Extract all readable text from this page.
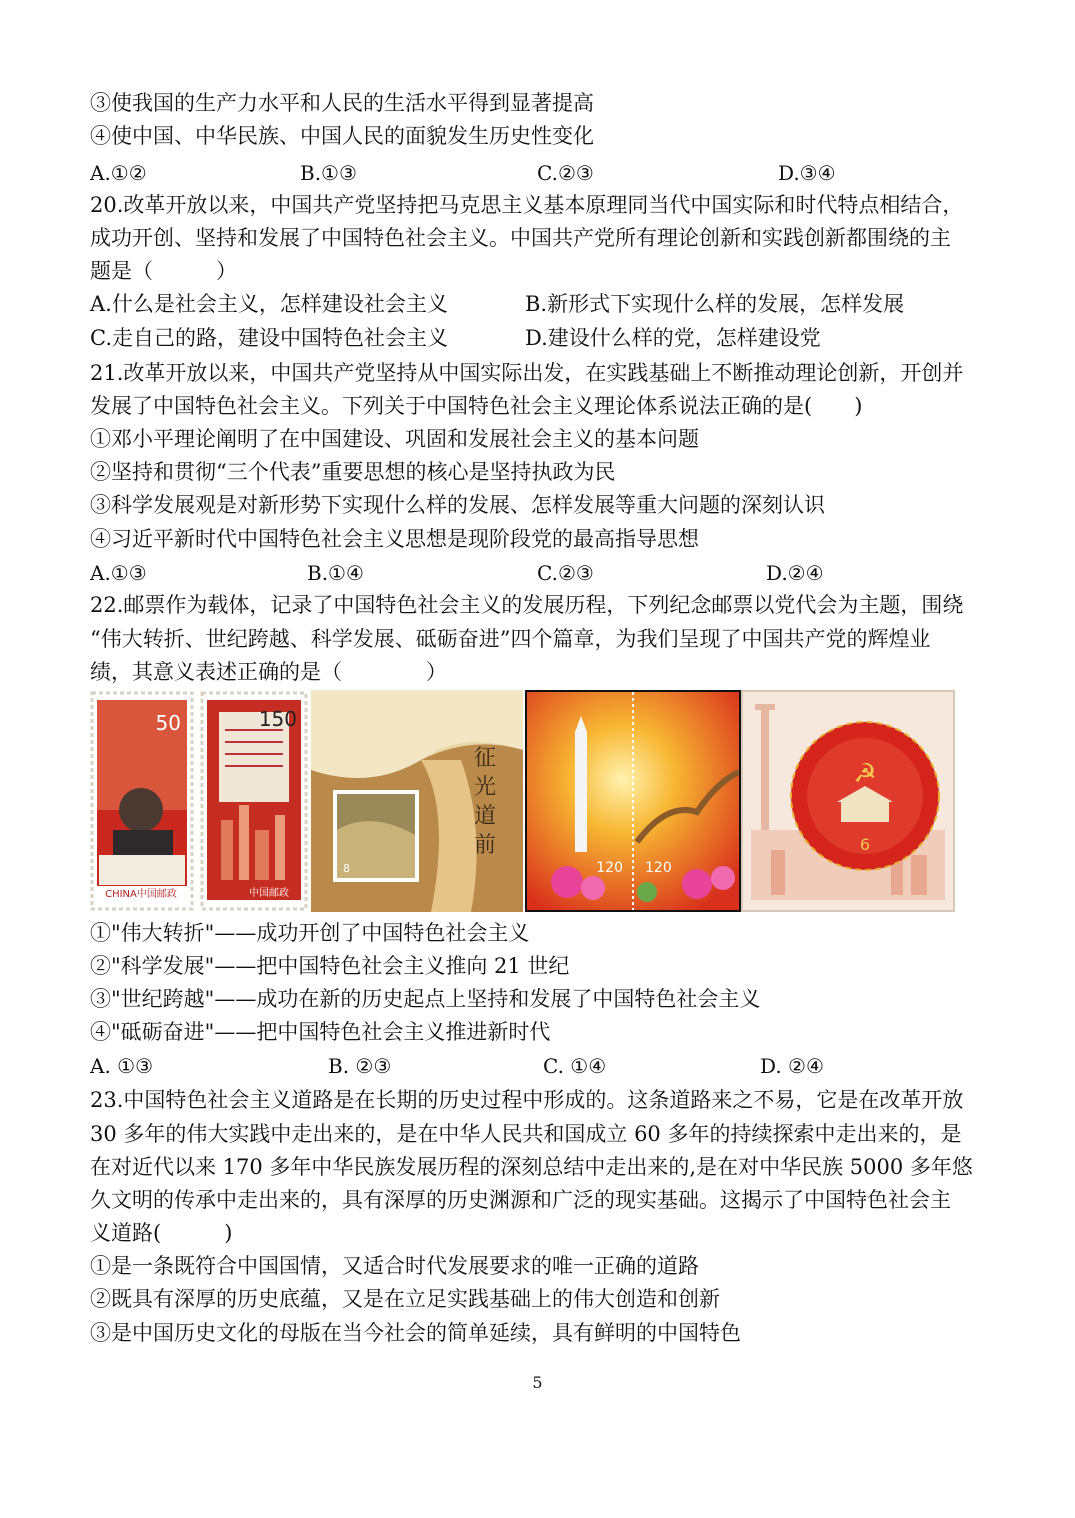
③使我国的生产力水平和人民的生活水平得到显著提高
④使中国、中华民族、中国人民的面貌发生历史性变化
A.①②	B.①③	C.②③	D.③④
20.改革开放以来，中国共产党坚持把马克思主义基本原理同当代中国实际和时代特点相结合，
成功开创、坚持和发展了中国特色社会主义。中国共产党所有理论创新和实践创新都围绕的主
题是（　　　）
A.什么是社会主义，怎样建设社会主义	B.新形式下实现什么样的发展，怎样发展
C.走自己的路，建设中国特色社会主义	D.建设什么样的党，怎样建设党
21.改革开放以来，中国共产党坚持从中国实际出发，在实践基础上不断推动理论创新，开创并
发展了中国特色社会主义。下列关于中国特色社会主义理论体系说法正确的是(　　)
①邓小平理论阐明了在中国建设、巩固和发展社会主义的基本问题
②坚持和贯彻“三个代表”重要思想的核心是坚持执政为民
③科学发展观是对新形势下实现什么样的发展、怎样发展等重大问题的深刻认识
④习近平新时代中国特色社会主义思想是现阶段党的最高指导思想
A.①③	B.①④	C.②③	D.②④
22.邮票作为载体，记录了中国特色社会主义的发展历程，下列纪念邮票以党代会为主题，围绕
“伟大转折、世纪跨越、科学发展、砥砺奋进”四个篇章，为我们呈现了中国共产党的辉煌业
绩，其意义表述正确的是（　　　　）
50
CHINA中国邮政
150
中国邮政
8
征 光 道 前
120 120
☭
6
①"伟大转折"——成功开创了中国特色社会主义
②"科学发展"——把中国特色社会主义推向 21 世纪
③"世纪跨越"——成功在新的历史起点上坚持和发展了中国特色社会主义
④"砥砺奋进"——把中国特色社会主义推进新时代
A. ①③	B. ②③	C. ①④	D. ②④
23.中国特色社会主义道路是在长期的历史过程中形成的。这条道路来之不易，它是在改革开放
30 多年的伟大实践中走出来的，是在中华人民共和国成立 60 多年的持续探索中走出来的，是
在对近代以来 170 多年中华民族发展历程的深刻总结中走出来的,是在对中华民族 5000 多年悠
久文明的传承中走出来的，具有深厚的历史渊源和广泛的现实基础。这揭示了中国特色社会主
义道路(　　　)
①是一条既符合中国国情，又适合时代发展要求的唯一正确的道路
②既具有深厚的历史底蕴，又是在立足实践基础上的伟大创造和创新
③是中国历史文化的母版在当今社会的简单延续，具有鲜明的中国特色
5
